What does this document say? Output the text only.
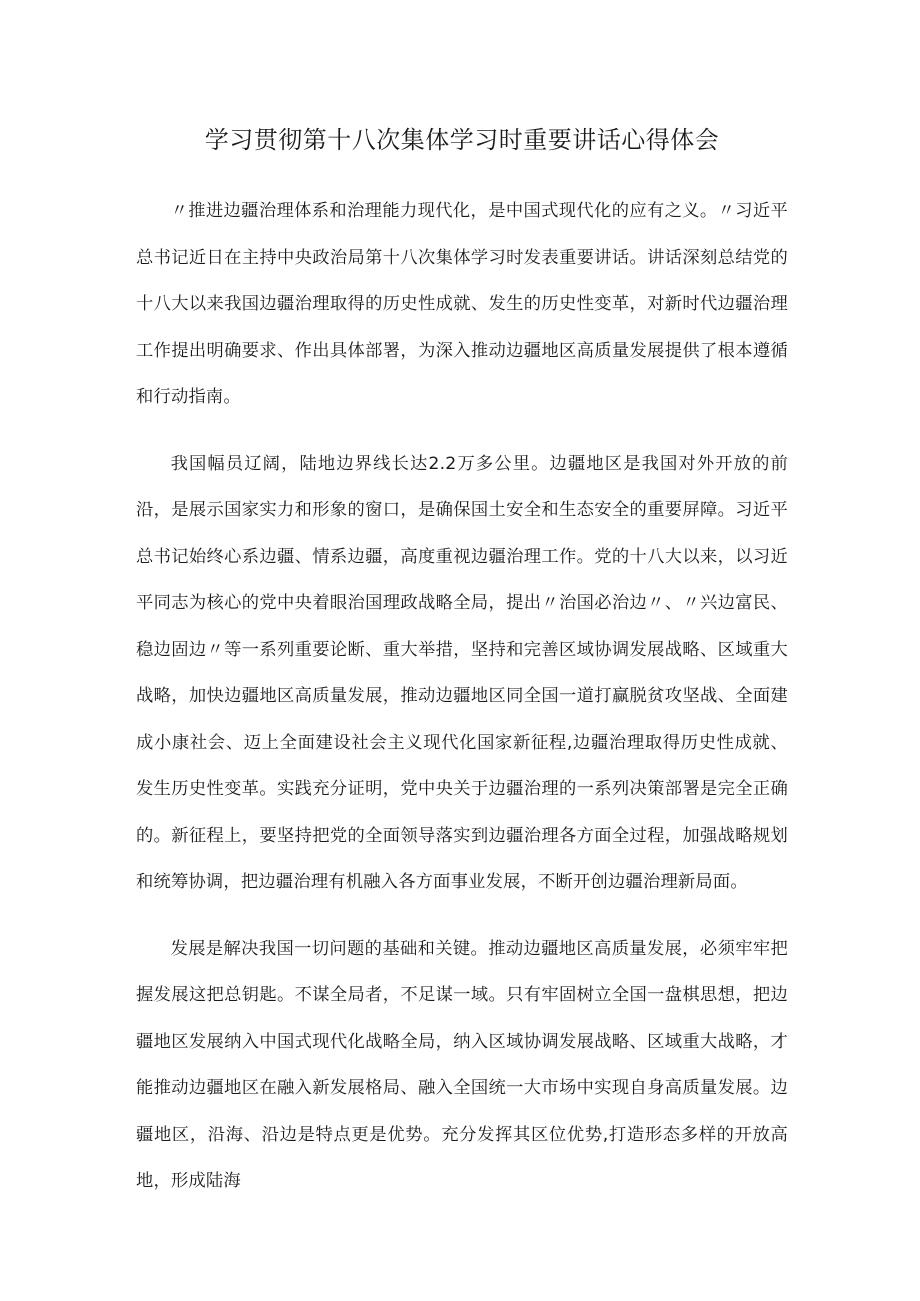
学习贯彻第十八次集体学习时重要讲话心得体会

〃推进边疆治理体系和治理能力现代化，是中国式现代化的应有之义。〃习近平总书记近日在主持中央政治局第十八次集体学习时发表重要讲话。讲话深刻总结党的十八大以来我国边疆治理取得的历史性成就、发生的历史性变革，对新时代边疆治理工作提出明确要求、作出具体部署，为深入推动边疆地区高质量发展提供了根本遵循和行动指南。

我国幅员辽阔，陆地边界线长达2.2万多公里。边疆地区是我国对外开放的前沿，是展示国家实力和形象的窗口，是确保国土安全和生态安全的重要屏障。习近平总书记始终心系边疆、情系边疆，高度重视边疆治理工作。党的十八大以来，以习近平同志为核心的党中央着眼治国理政战略全局，提出〃治国必治边〃、〃兴边富民、稳边固边〃等一系列重要论断、重大举措，坚持和完善区域协调发展战略、区域重大战略，加快边疆地区高质量发展，推动边疆地区同全国一道打赢脱贫攻坚战、全面建成小康社会、迈上全面建设社会主义现代化国家新征程,边疆治理取得历史性成就、发生历史性变革。实践充分证明，党中央关于边疆治理的一系列决策部署是完全正确的。新征程上，要坚持把党的全面领导落实到边疆治理各方面全过程，加强战略规划和统筹协调，把边疆治理有机融入各方面事业发展，不断开创边疆治理新局面。

发展是解决我国一切问题的基础和关键。推动边疆地区高质量发展，必须牢牢把握发展这把总钥匙。不谋全局者，不足谋一域。只有牢固树立全国一盘棋思想，把边疆地区发展纳入中国式现代化战略全局，纳入区域协调发展战略、区域重大战略，才能推动边疆地区在融入新发展格局、融入全国统一大市场中实现自身高质量发展。边疆地区，沿海、沿边是特点更是优势。充分发挥其区位优势,打造形态多样的开放高地，形成陆海
